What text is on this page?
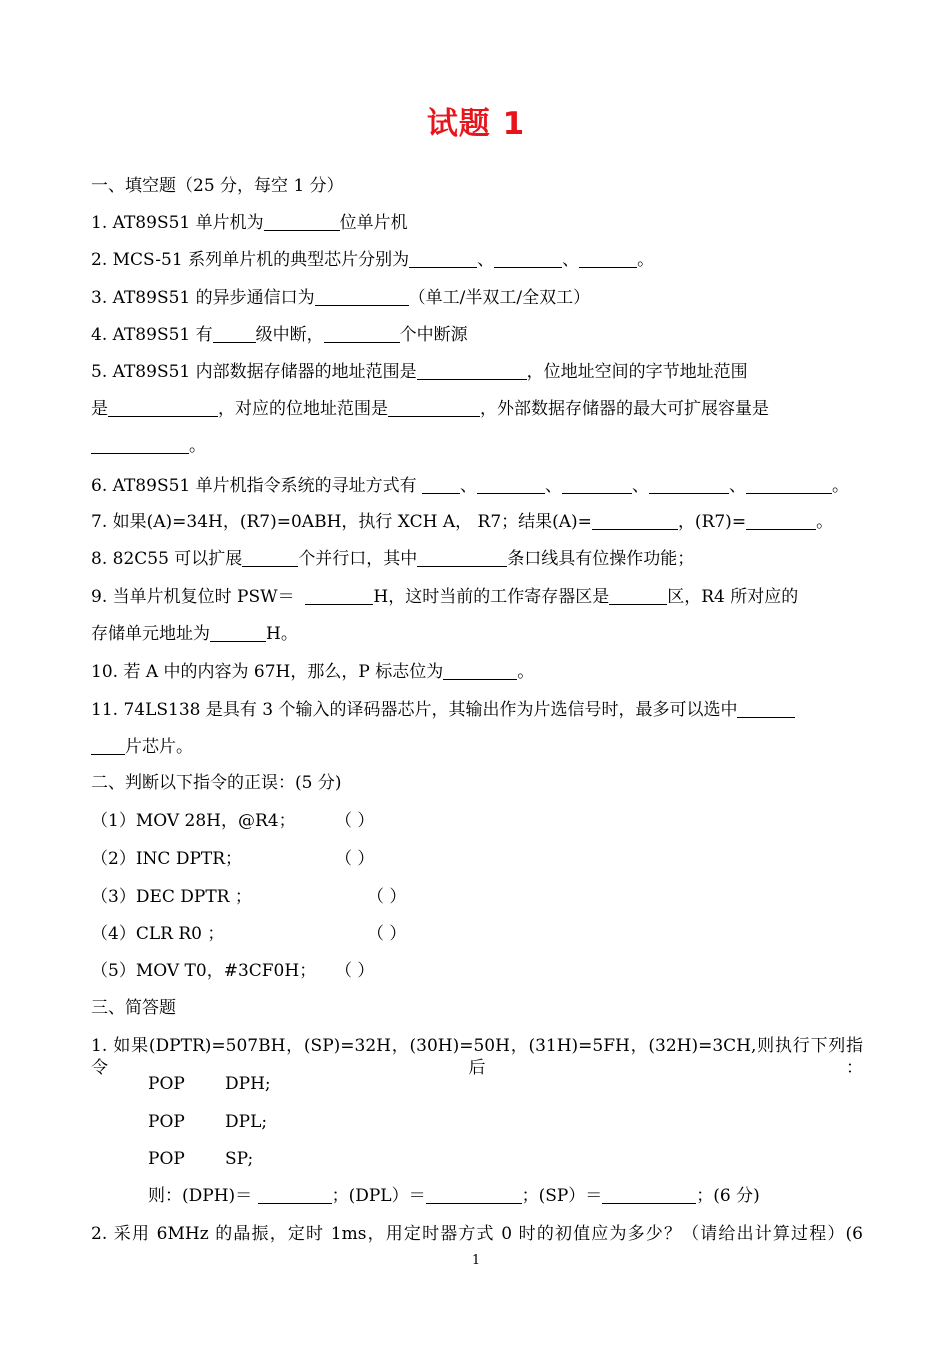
试题 1
一、填空题（25 分，每空 1 分）
1. AT89S51 单片机为	位单片机
2. MCS-51 系列单片机的典型芯片分别为	、	、	。
3. AT89S51 的异步通信口为	（单工/半双工/全双工）
4. AT89S51 有	级中断，	个中断源
5. AT89S51 内部数据存储器的地址范围是	，位地址空间的字节地址范围
是	，对应的位地址范围是	，外部数据存储器的最大可扩展容量是
。
6. AT89S51 单片机指令系统的寻址方式有	、	、	、	、	。
7. 如果(A)=34H，(R7)=0ABH，执行 XCH A， R7；结果(A)=	，(R7)=	。
8. 82C55 可以扩展	个并行口，其中	条口线具有位操作功能；
9. 当单片机复位时 PSW＝	H，这时当前的工作寄存器区是	区，R4 所对应的
存储单元地址为	H。
10. 若 A 中的内容为 67H，那么，P 标志位为	。
11. 74LS138 是具有 3 个输入的译码器芯片，其输出作为片选信号时，最多可以选中
片芯片。
二、判断以下指令的正误：(5 分)
（1）MOV 28H，@R4； （ ）
（2）INC DPTR；	（ ）
（3）DEC DPTR ；	（ ）
（4）CLR R0 ；	（ ）
（5）MOV T0，#3CF0H； （ ）
三、简答题
1. 如果(DPTR)=507BH，(SP)=32H，(30H)=50H，(31H)=5FH，(32H)=3CH,则执行下列指令后：
POP DPH;
POP DPL;
POP SP;
则：(DPH)＝	；(DPL）＝	；(SP）＝	；(6 分)
2. 采用 6MHz 的晶振，定时 1ms，用定时器方式 0 时的初值应为多少？（请给出计算过程）(6
1
